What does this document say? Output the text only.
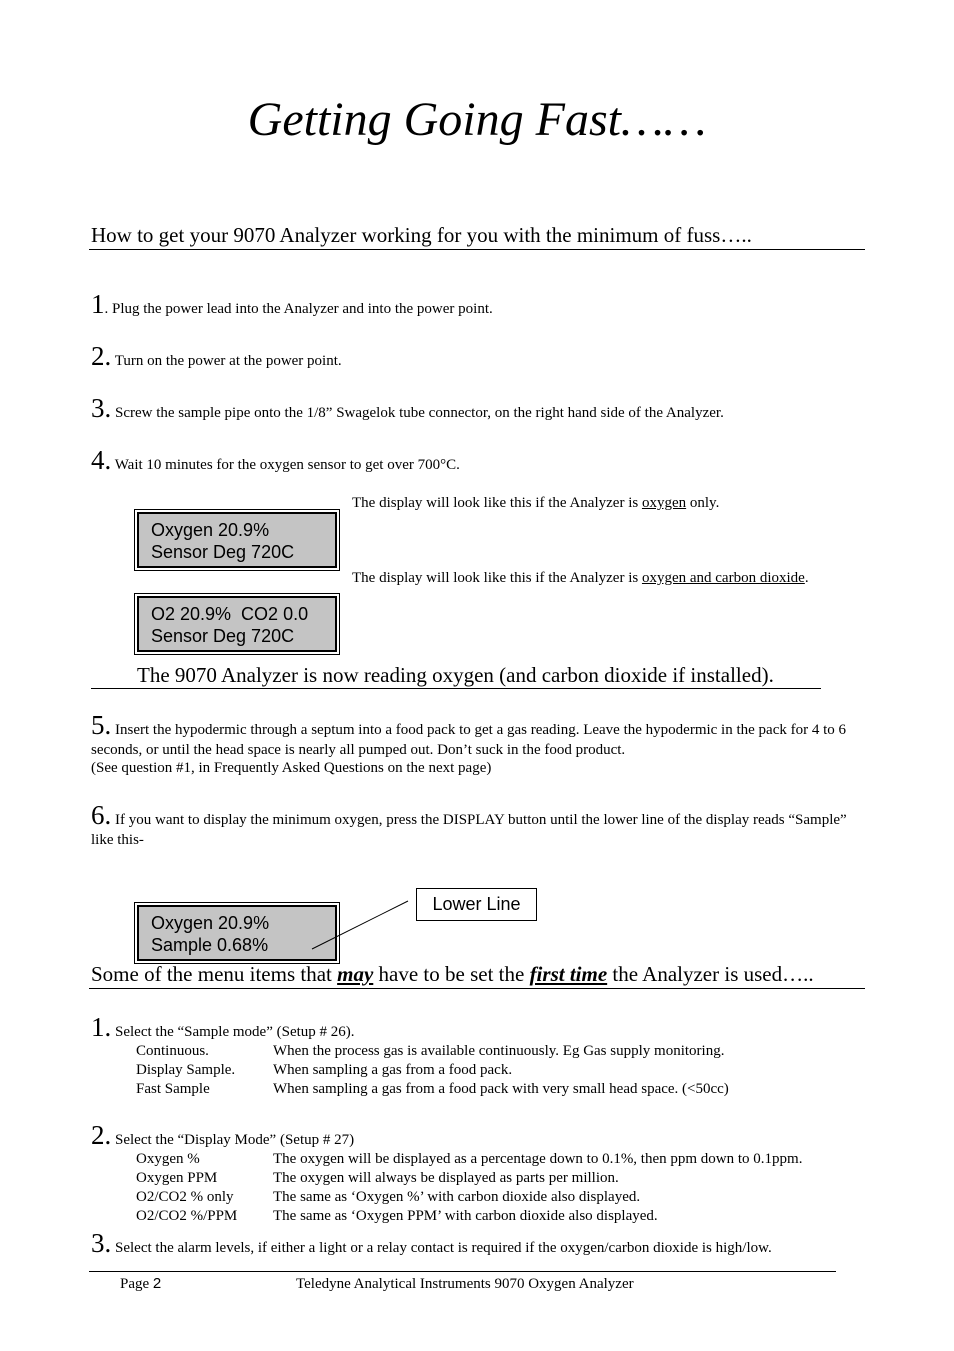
Getting Going Fast……
How to get your 9070 Analyzer working for you with the minimum of fuss…..
1. Plug the power lead into the Analyzer and into the power point.
2. Turn on the power at the power point.
3. Screw the sample pipe onto the 1/8” Swagelok tube connector, on the right hand side of the Analyzer.
4. Wait 10 minutes for the oxygen sensor to get over 700°C.
The display will look like this if the Analyzer is oxygen only.
Oxygen 20.9%
Sensor Deg 720C
The display will look like this if the Analyzer is oxygen and carbon dioxide.
O2 20.9%  CO2 0.0
Sensor Deg 720C
The 9070 Analyzer is now reading oxygen (and carbon dioxide if installed).
5. Insert the hypodermic through a septum into a food pack to get a gas reading. Leave the hypodermic in the pack for 4 to 6 seconds, or until the head space is nearly all pumped out. Don’t suck in the food product.
(See question #1, in Frequently Asked Questions on the next page)
6. If you want to display the minimum oxygen, press the DISPLAY button until the lower line of the display reads “Sample” like this-
Oxygen 20.9%
Sample 0.68%
Lower Line
Some of the menu items that may have to be set the first time the Analyzer is used…..
1. Select the “Sample mode” (Setup # 26).
Continuous.	When the process gas is available continuously. Eg Gas supply monitoring.
Display Sample.	When sampling a gas from a food pack.
Fast Sample	When sampling a gas from a food pack with very small head space. (<50cc)
2. Select the “Display Mode” (Setup # 27)
Oxygen %	The oxygen will be displayed as a percentage down to 0.1%, then ppm down to 0.1ppm.
Oxygen PPM	The oxygen will always be displayed as parts per million.
O2/CO2 % only	The same as ‘Oxygen %’ with carbon dioxide also displayed.
O2/CO2 %/PPM	The same as ‘Oxygen PPM’ with carbon dioxide also displayed.
3. Select the alarm levels, if either a light or a relay contact is required if the oxygen/carbon dioxide is high/low.
Page 2	Teledyne Analytical Instruments 9070 Oxygen Analyzer
